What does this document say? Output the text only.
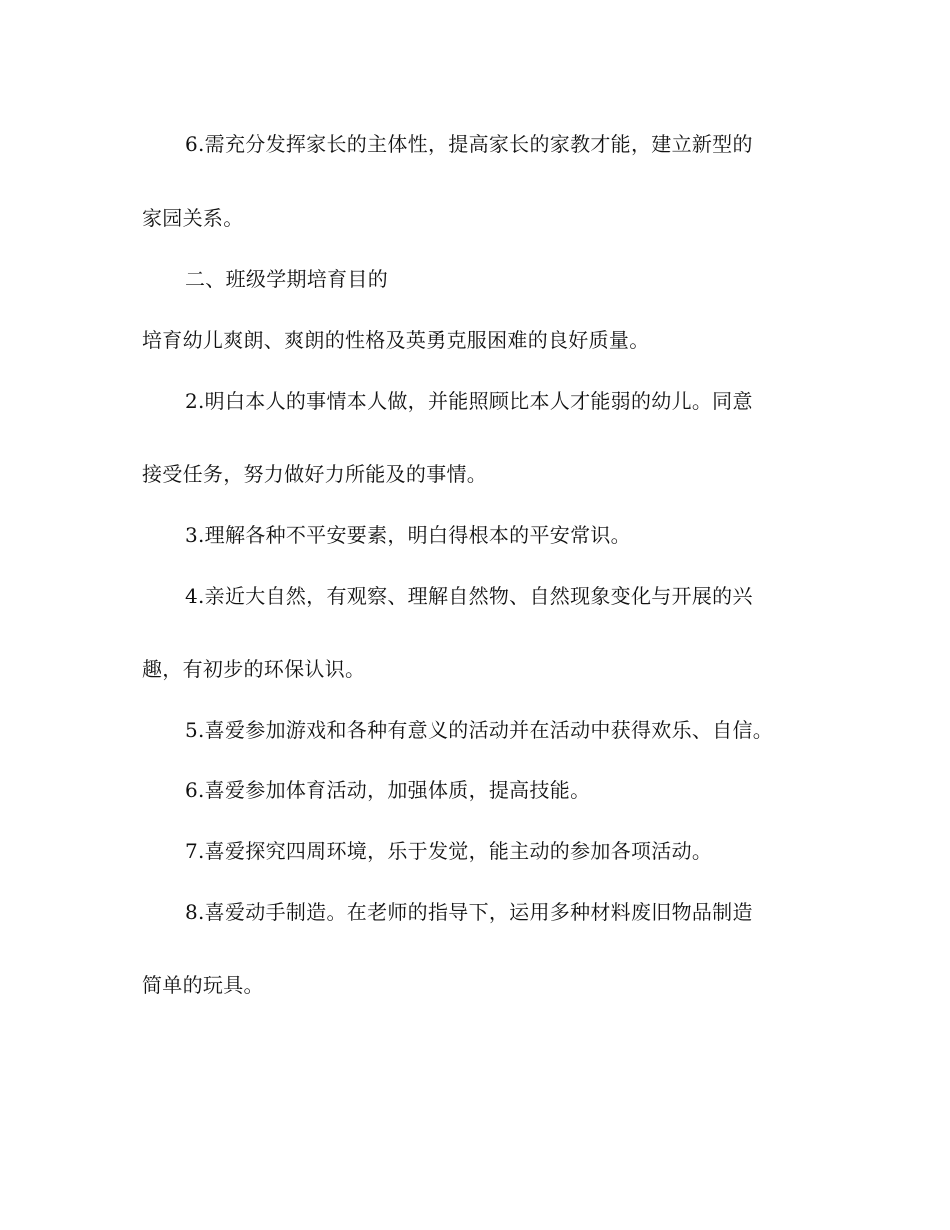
6.需充分发挥家长的主体性，提高家长的家教才能，建立新型的
家园关系。
二、班级学期培育目的
培育幼儿爽朗、爽朗的性格及英勇克服困难的良好质量。
2.明白本人的事情本人做，并能照顾比本人才能弱的幼儿。同意
接受任务，努力做好力所能及的事情。
3.理解各种不平安要素，明白得根本的平安常识。
4.亲近大自然，有观察、理解自然物、自然现象变化与开展的兴
趣，有初步的环保认识。
5.喜爱参加游戏和各种有意义的活动并在活动中获得欢乐、自信。
6.喜爱参加体育活动，加强体质，提高技能。
7.喜爱探究四周环境，乐于发觉，能主动的参加各项活动。
8.喜爱动手制造。在老师的指导下，运用多种材料废旧物品制造
简单的玩具。
